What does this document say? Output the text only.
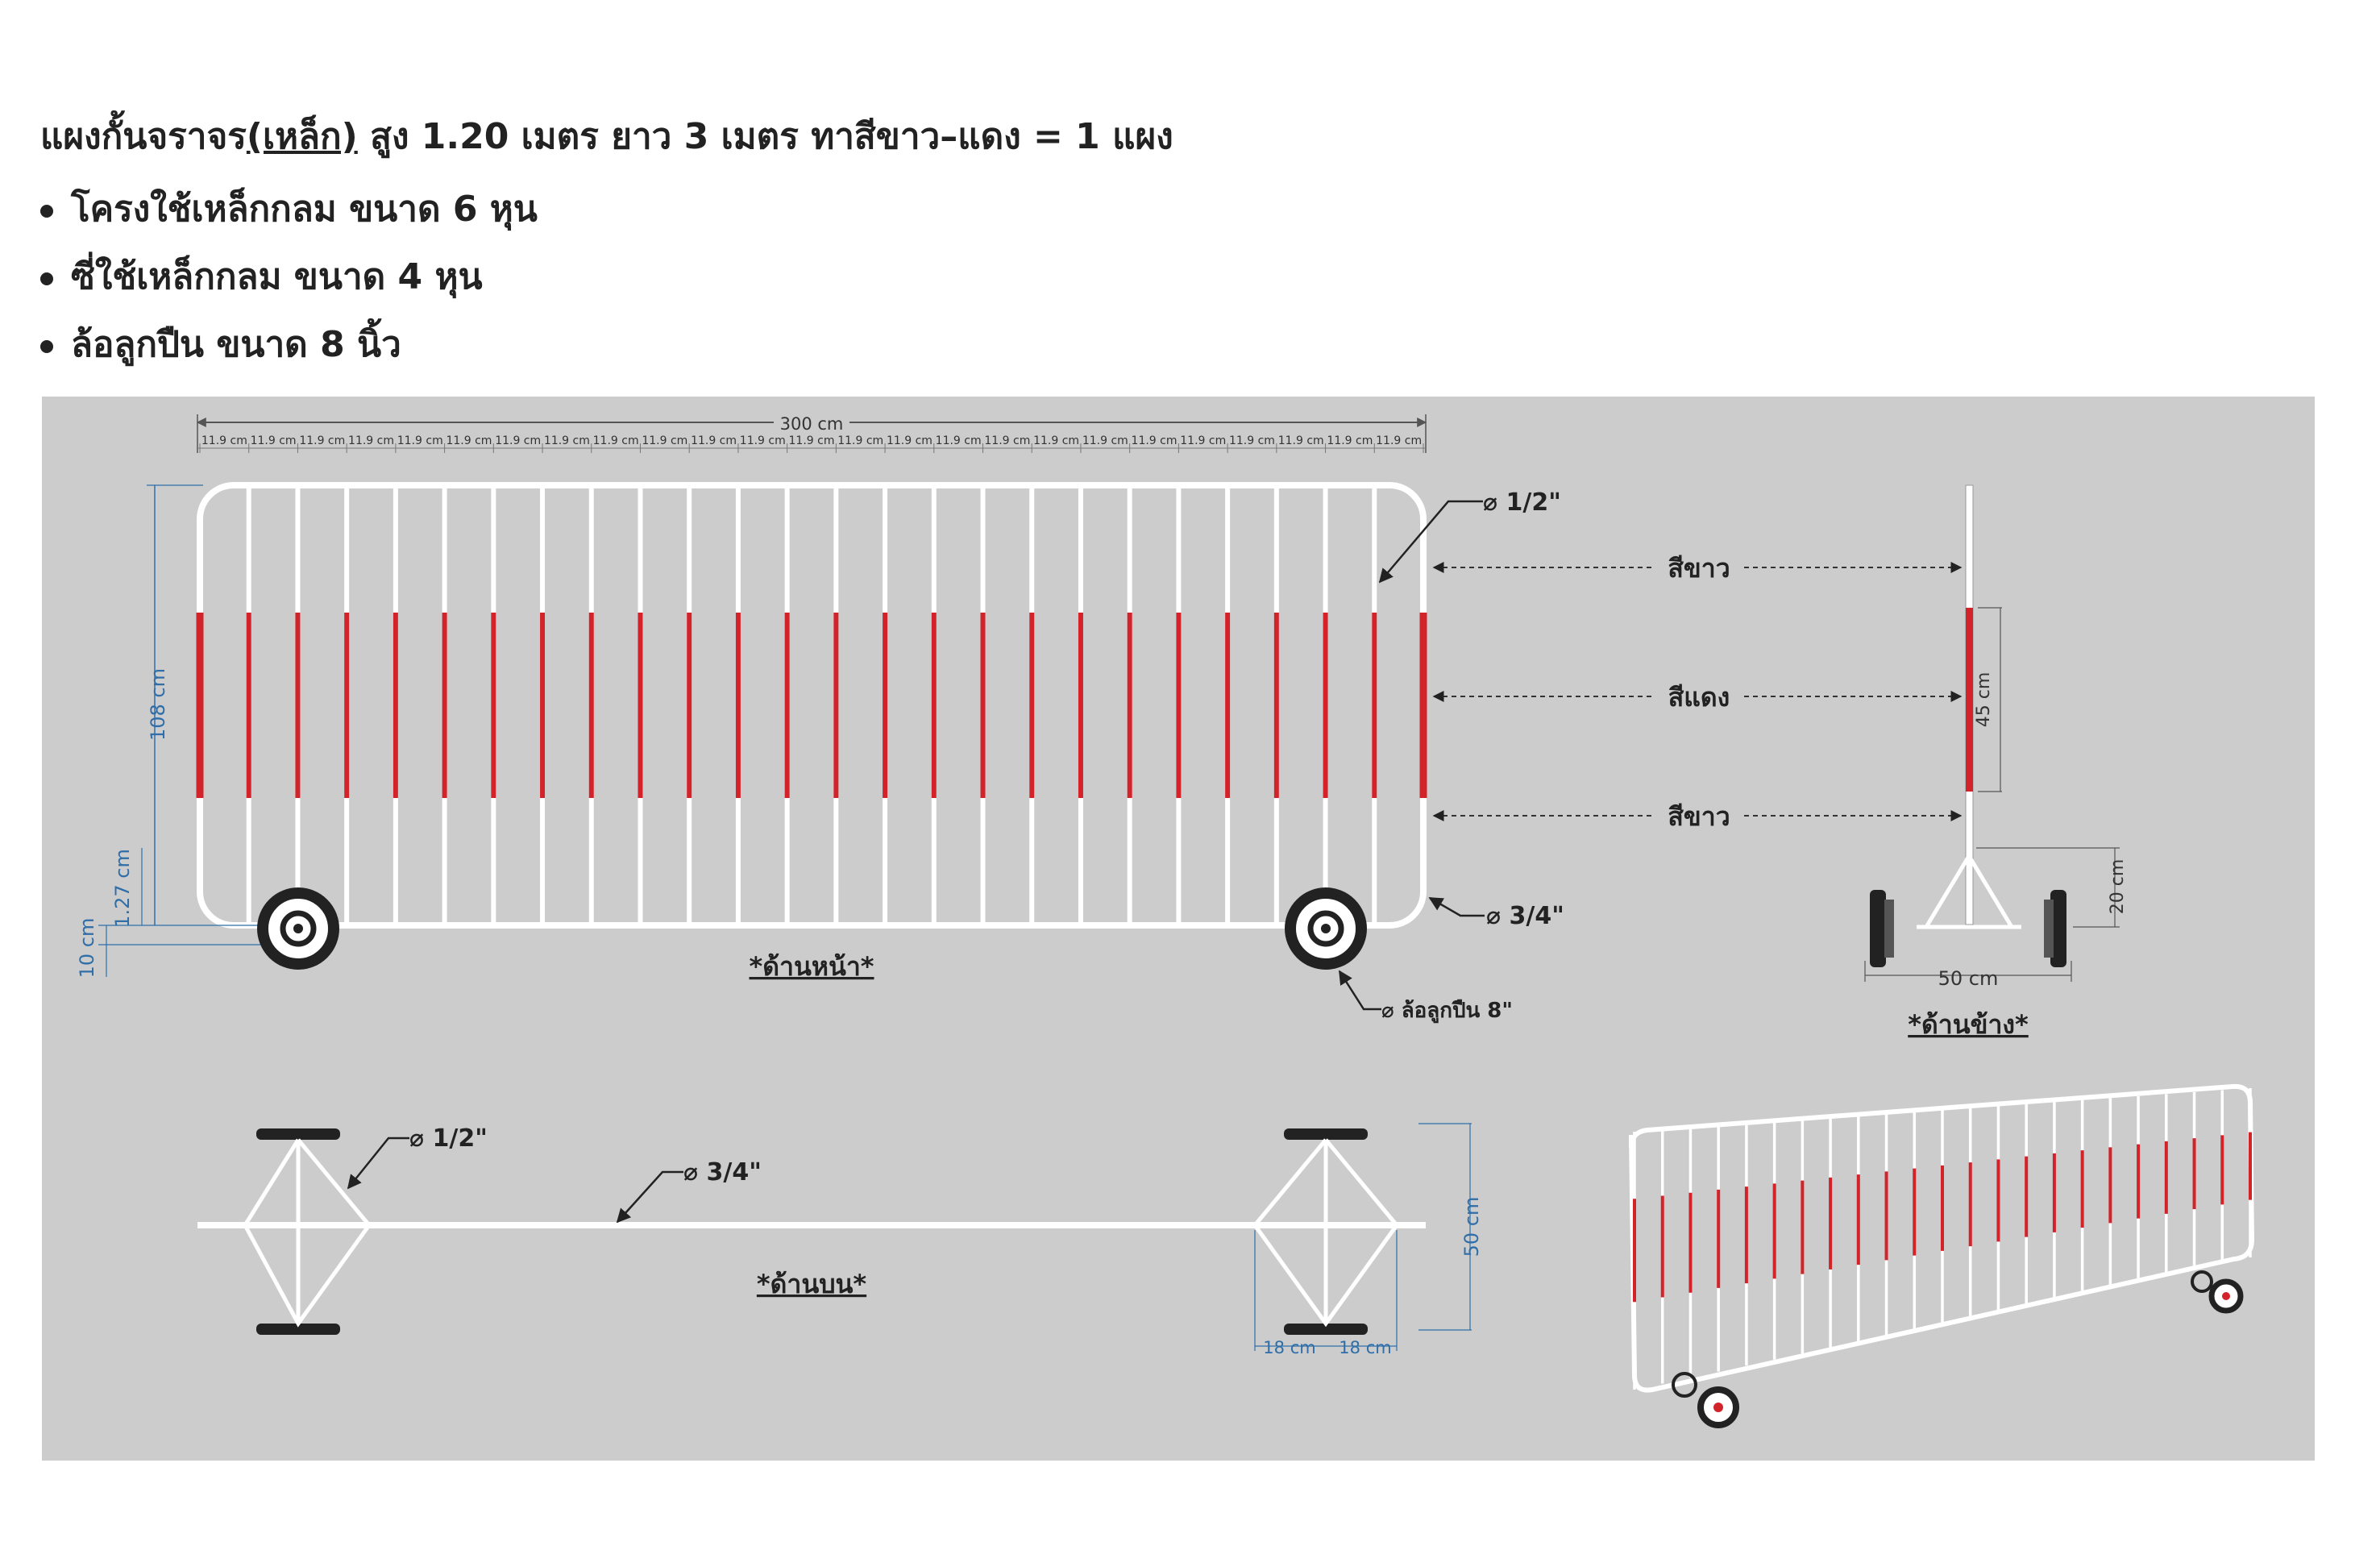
แผงกั้นจราจร(เหล็ก) สูง 1.20 เมตร ยาว 3 เมตร ทาสีขาว–แดง = 1 แผง
โครงใช้เหล็กกลม ขนาด 6 หุน
ซี่ใช้เหล็กกลม ขนาด 4 หุน
ล้อลูกปืน ขนาด 8 นิ้ว
300 cm
11.9 cm 11.9 cm 11.9 cm 11.9 cm 11.9 cm 11.9 cm 11.9 cm 11.9 cm 11.9 cm 11.9 cm 11.9 cm 11.9 cm 11.9 cm 11.9 cm 11.9 cm 11.9 cm 11.9 cm 11.9 cm 11.9 cm 11.9 cm 11.9 cm 11.9 cm 11.9 cm 11.9 cm 11.9 cm
108 cm
1.27 cm
10 cm
⌀ 1/2"
⌀ 3/4"
⌀ ล้อลูกปืน 8"
*ด้านหน้า*
สีขาว
สีแดง
สีขาว
45 cm
20 cm
50 cm
*ด้านข้าง*
⌀ 1/2"
⌀ 3/4"
50 cm
18 cm 18 cm
*ด้านบน*
